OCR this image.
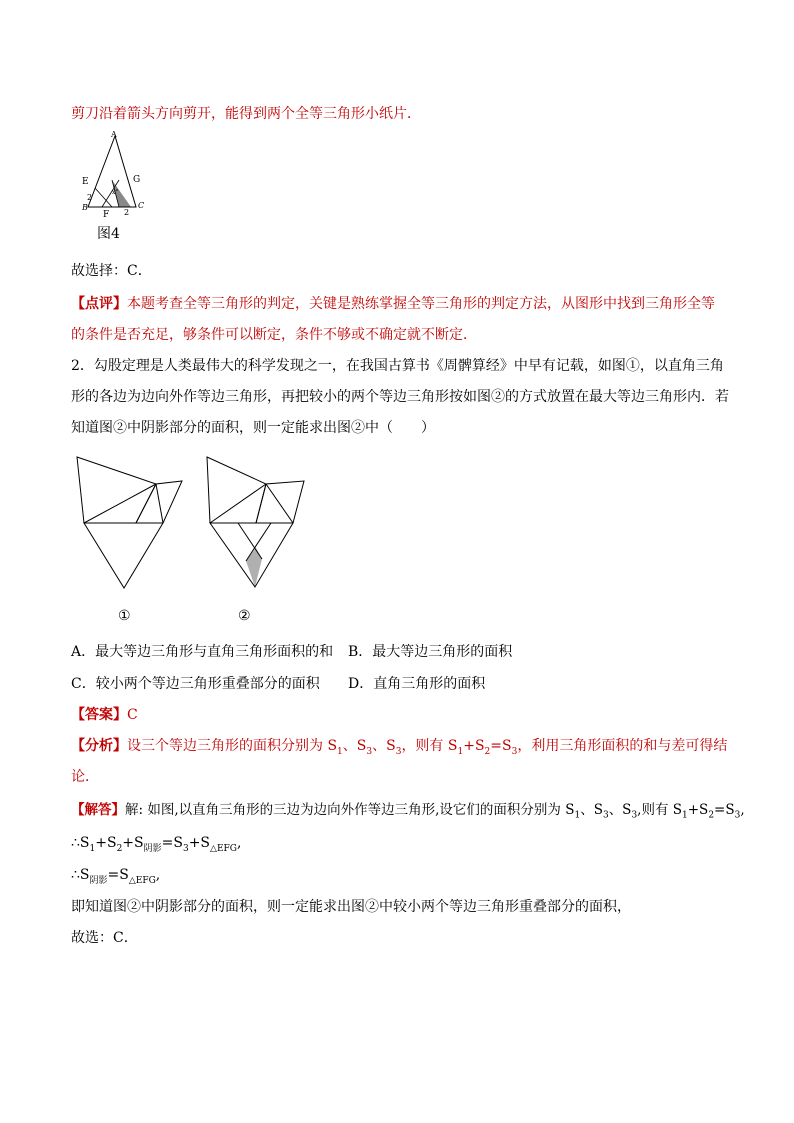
剪刀沿着箭头方向剪开，能得到两个全等三角形小纸片．
A
E	G
B
F
C
2
2
x°
图4
故选择：C．
【点评】本题考查全等三角形的判定，关键是熟练掌握全等三角形的判定方法，从图形中找到三角形全等
的条件是否充足，够条件可以断定，条件不够或不确定就不断定．
2．勾股定理是人类最伟大的科学发现之一，在我国古算书《周髀算经》中早有记载，如图①，以直角三角
形的各边为边向外作等边三角形，再把较小的两个等边三角形按如图②的方式放置在最大等边三角形内．若
知道图②中阴影部分的面积，则一定能求出图②中（　　）
①	②
A．最大等边三角形与直角三角形面积的和 B．最大等边三角形的面积
C．较小两个等边三角形重叠部分的面积 D．直角三角形的面积
【答案】C
【分析】设三个等边三角形的面积分别为 $S_1$、$S_3$、$S_3$，则有 $S_1+S_2=S_3$，利用三角形面积的和与差可得结
论．
【解答】解: 如图,以直角三角形的三边为边向外作等边三角形,设它们的面积分别为 $S_1$、$S_3$、$S_3$,则有 $S_1+S_2=S_3$,
$\therefore S_1+S_2+S_{阴影}=S_3+S_{\triangle EFG}$,
$\therefore S_{阴影}=S_{\triangle EFG}$,
即知道图②中阴影部分的面积，则一定能求出图②中较小两个等边三角形重叠部分的面积，
故选：C．
